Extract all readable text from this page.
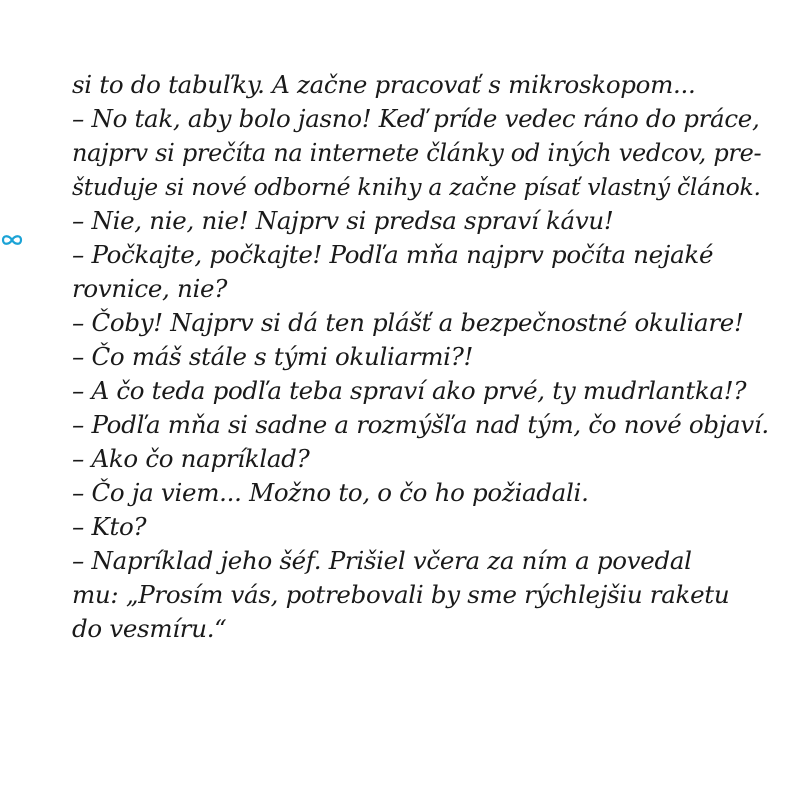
si to do tabuľky. A začne pracovať s mikroskopom...
– No tak, aby bolo jasno! Keď príde vedec ráno do práce,
najprv si prečíta na internete články od iných vedcov, pre-
študuje si nové odborné knihy a začne písať vlastný článok.
– Nie, nie, nie! Najprv si predsa spraví kávu!
– Počkajte, počkajte! Podľa mňa najprv počíta nejaké
rovnice, nie?
– Čoby! Najprv si dá ten plášť a bezpečnostné okuliare!
– Čo máš stále s tými okuliarmi?!
– A čo teda podľa teba spraví ako prvé, ty mudrlantka!?
– Podľa mňa si sadne a rozmýšľa nad tým, čo nové objaví.
– Ako čo napríklad?
– Čo ja viem... Možno to, o čo ho požiadali.
– Kto?
– Napríklad jeho šéf. Prišiel včera za ním a povedal
mu: „Prosím vás, potrebovali by sme rýchlejšiu raketu
do vesmíru.“
